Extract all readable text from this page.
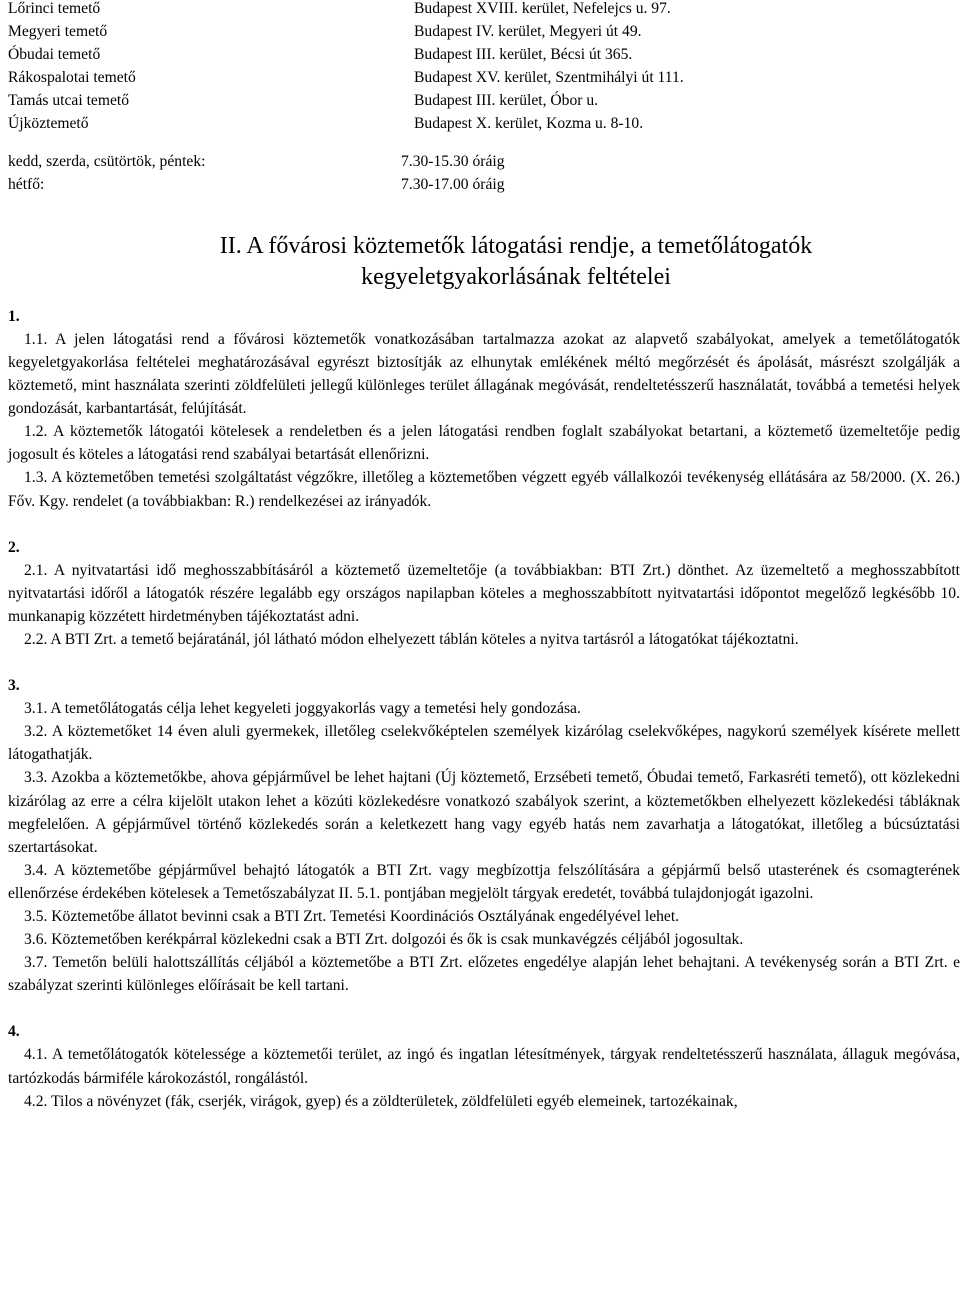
Lőrinci temető	Budapest XVIII. kerület, Nefelejcs u. 97.
Megyeri temető	Budapest IV. kerület, Megyeri út 49.
Óbudai temető	Budapest III. kerület, Bécsi út 365.
Rákospalotai temető	Budapest XV. kerület, Szentmihályi út 111.
Tamás utcai temető	Budapest III. kerület, Óbor u.
Újköztemető	Budapest X. kerület, Kozma u. 8-10.
kedd, szerda, csütörtök, péntek:	7.30-15.30 óráig
hétfő:	7.30-17.00 óráig
II. A fővárosi köztemetők látogatási rendje, a temetőlátogatók
kegyeletgyakorlásának feltételei
1.

1.1. A jelen látogatási rend a fővárosi köztemetők vonatkozásában tartalmazza azokat az alapvető szabályokat, amelyek a temetőlátogatók kegyeletgyakorlása feltételei meghatározásával egyrészt biztosítják az elhunytak emlékének méltó megőrzését és ápolását, másrészt szolgálják a köztemető, mint használata szerinti zöldfelületi jellegű különleges terület állagának megóvását, rendeltetésszerű használatát, továbbá a temetési helyek gondozását, karbantartását, felújítását.

1.2. A köztemetők látogatói kötelesek a rendeletben és a jelen látogatási rendben foglalt szabályokat betartani, a köztemető üzemeltetője pedig jogosult és köteles a látogatási rend szabályai betartását ellenőrizni.

1.3. A köztemetőben temetési szolgáltatást végzőkre, illetőleg a köztemetőben végzett egyéb vállalkozói tevékenység ellátására az 58/2000. (X. 26.) Főv. Kgy. rendelet (a továbbiakban: R.) rendelkezései az irányadók.

2.

2.1. A nyitvatartási idő meghosszabbításáról a köztemető üzemeltetője (a továbbiakban: BTI Zrt.) dönthet. Az üzemeltető a meghosszabbított nyitvatartási időről a látogatók részére legalább egy országos napilapban köteles a meghosszabbított nyitvatartási időpontot megelőző legkésőbb 10. munkanapig közzétett hirdetményben tájékoztatást adni.

2.2. A BTI Zrt. a temető bejáratánál, jól látható módon elhelyezett táblán köteles a nyitva tartásról a látogatókat tájékoztatni.

3.

3.1. A temetőlátogatás célja lehet kegyeleti joggyakorlás vagy a temetési hely gondozása.

3.2. A köztemetőket 14 éven aluli gyermekek, illetőleg cselekvőképtelen személyek kizárólag cselekvőképes, nagykorú személyek kísérete mellett látogathatják.

3.3. Azokba a köztemetőkbe, ahova gépjárművel be lehet hajtani (Új köztemető, Erzsébeti temető, Óbudai temető, Farkasréti temető), ott közlekedni kizárólag az erre a célra kijelölt utakon lehet a közúti közlekedésre vonatkozó szabályok szerint, a köztemetőkben elhelyezett közlekedési tábláknak megfelelően. A gépjárművel történő közlekedés során a keletkezett hang vagy egyéb hatás nem zavarhatja a látogatókat, illetőleg a búcsúztatási szertartásokat.

3.4. A köztemetőbe gépjárművel behajtó látogatók a BTI Zrt. vagy megbízottja felszólítására a gépjármű belső utasterének és csomagterének ellenőrzése érdekében kötelesek a Temetőszabályzat II. 5.1. pontjában megjelölt tárgyak eredetét, továbbá tulajdonjogát igazolni.

3.5. Köztemetőbe állatot bevinni csak a BTI Zrt. Temetési Koordinációs Osztályának engedélyével lehet.

3.6. Köztemetőben kerékpárral közlekedni csak a BTI Zrt. dolgozói és ők is csak munkavégzés céljából jogosultak.

3.7. Temetőn belüli halottszállítás céljából a köztemetőbe a BTI Zrt. előzetes engedélye alapján lehet behajtani. A tevékenység során a BTI Zrt. e szabályzat szerinti különleges előírásait be kell tartani.

4.

4.1. A temetőlátogatók kötelessége a köztemetői terület, az ingó és ingatlan létesítmények, tárgyak rendeltetésszerű használata, állaguk megóvása, tartózkodás bármiféle károkozástól, rongálástól.

4.2. Tilos a növényzet (fák, cserjék, virágok, gyep) és a zöldterületek, zöldfelületi egyéb elemeinek, tartozékainak,
